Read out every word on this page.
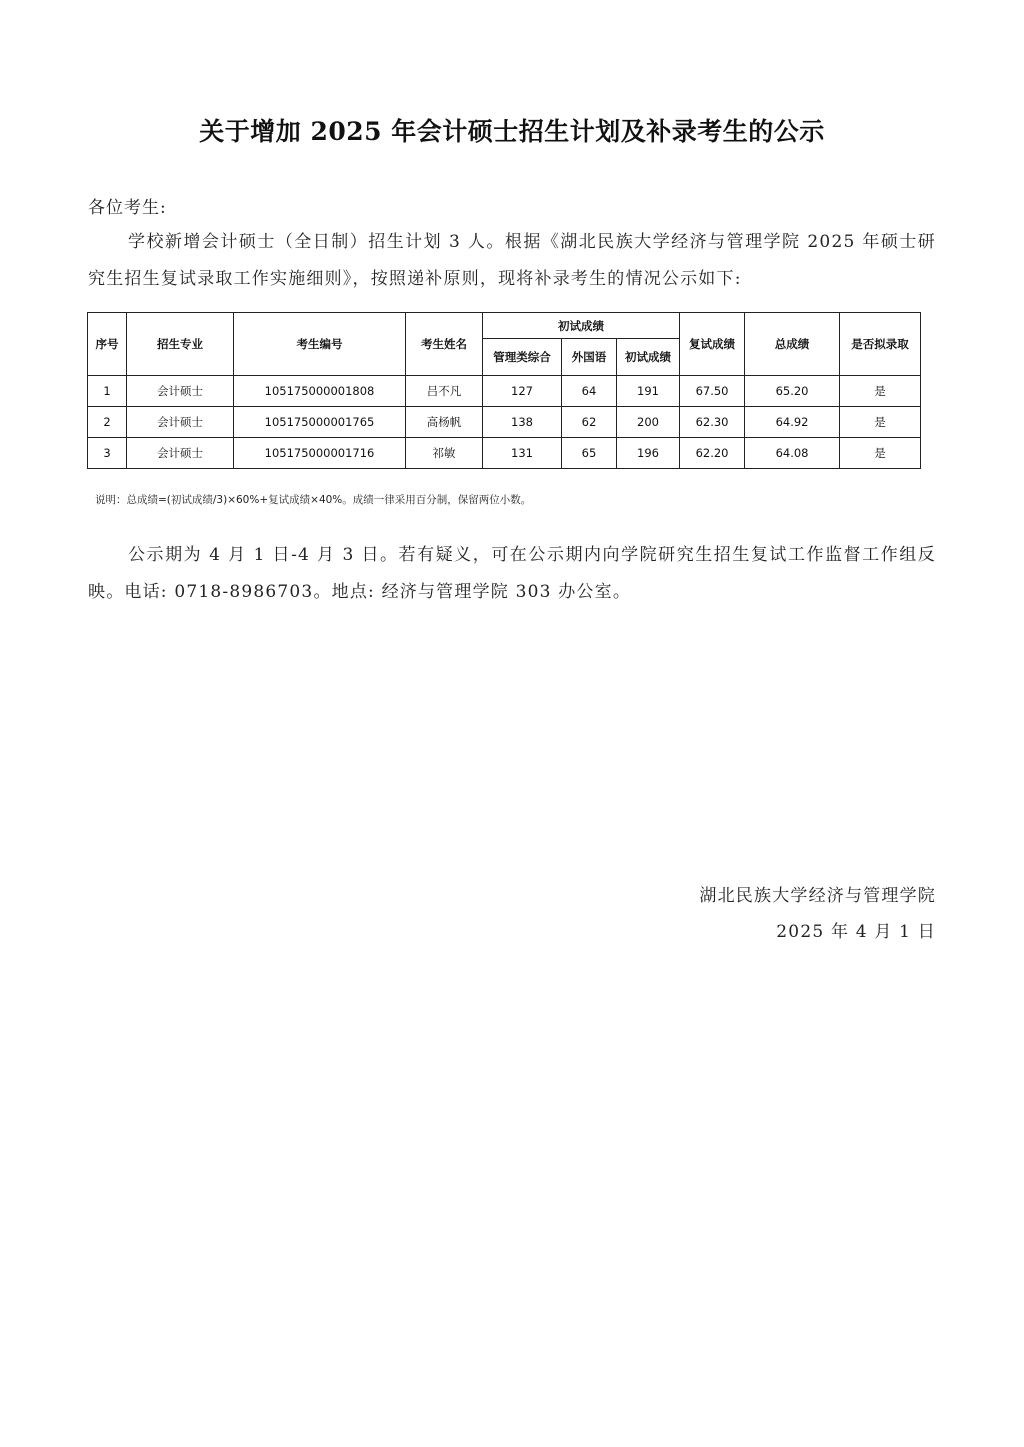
关于增加 2025 年会计硕士招生计划及补录考生的公示
各位考生:
学校新增会计硕士（全日制）招生计划 3 人。根据《湖北民族大学经济与管理学院 2025 年硕士研究生招生复试录取工作实施细则》，按照递补原则，现将补录考生的情况公示如下:
序号	招生专业	考生编号	考生姓名	初试成绩			复试成绩	总成绩	是否拟录取
				管理类综合	外国语	初试成绩			
1	会计硕士	105175000001808	吕不凡	127	64	191	67.50	65.20	是
2	会计硕士	105175000001765	高杨帆	138	62	200	62.30	64.92	是
3	会计硕士	105175000001716	祁敏	131	65	196	62.20	64.08	是
说明：总成绩=(初试成绩/3)×60%+复试成绩×40%。成绩一律采用百分制，保留两位小数。
公示期为 4 月 1 日-4 月 3 日。若有疑义，可在公示期内向学院研究生招生复试工作监督工作组反映。电话: 0718-8986703。地点: 经济与管理学院 303 办公室。
湖北民族大学经济与管理学院
2025 年 4 月 1 日
